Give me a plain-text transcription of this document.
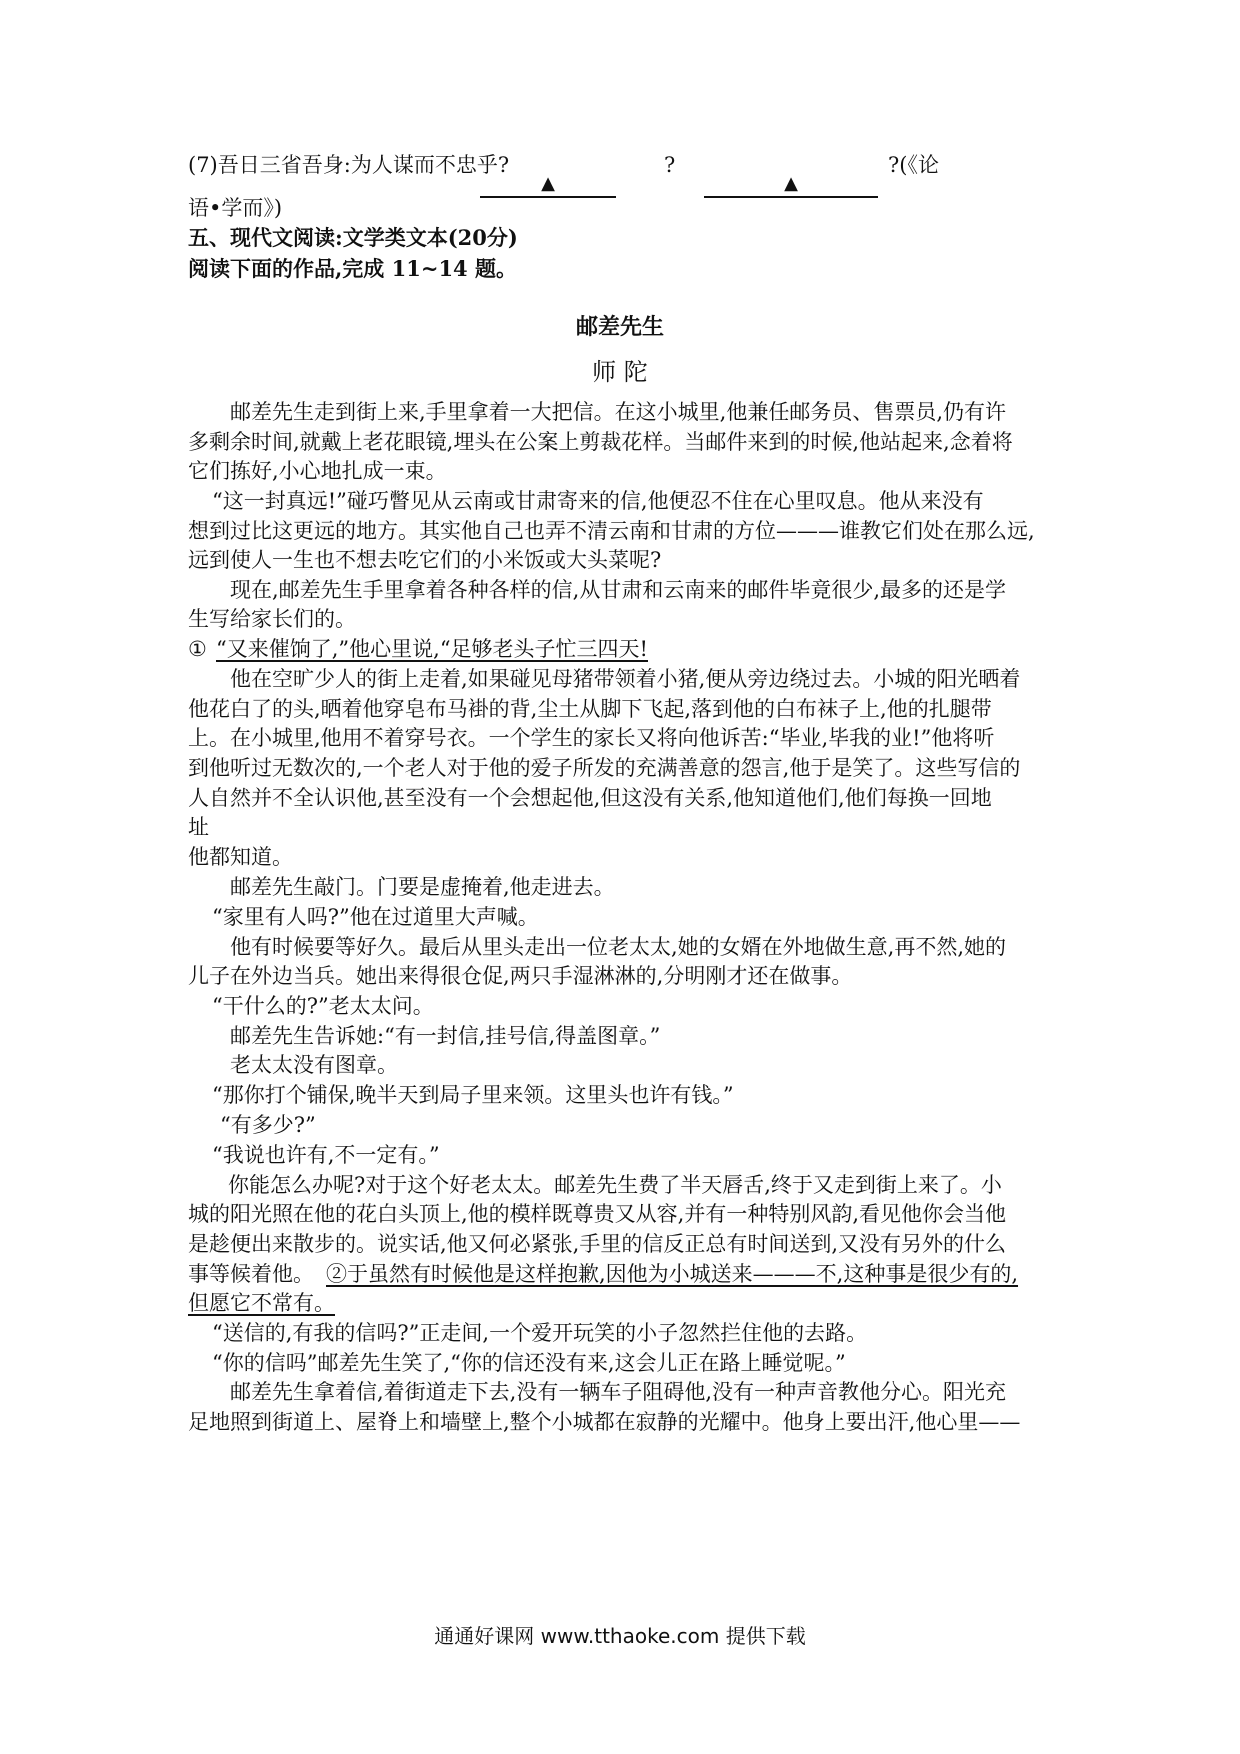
(7)吾日三省吾身:为人谋而不忠乎?
▲
?
▲
?(《论
语•学而》)
五、现代文阅读:文学类文本(20分)
阅读下面的作品,完成 11~14 题。
邮差先生
师 陀
邮差先生走到街上来,手里拿着一大把信。在这小城里,他兼任邮务员、售票员,仍有许
多剩余时间,就戴上老花眼镜,埋头在公案上剪裁花样。当邮件来到的时候,他站起来,念着将
它们拣好,小心地扎成一束。
“这一封真远!”碰巧瞥见从云南或甘肃寄来的信,他便忍不住在心里叹息。他从来没有
想到过比这更远的地方。其实他自己也弄不清云南和甘肃的方位———谁教它们处在那么远,
远到使人一生也不想去吃它们的小米饭或大头菜呢?
现在,邮差先生手里拿着各种各样的信,从甘肃和云南来的邮件毕竟很少,最多的还是学
生写给家长们的。
① “又来催饷了,”他心里说,“足够老头子忙三四天!
他在空旷少人的街上走着,如果碰见母猪带领着小猪,便从旁边绕过去。小城的阳光晒着
他花白了的头,晒着他穿皂布马褂的背,尘土从脚下飞起,落到他的白布袜子上,他的扎腿带
上。在小城里,他用不着穿号衣。一个学生的家长又将向他诉苦:“毕业,毕我的业!”他将听
到他听过无数次的,一个老人对于他的爱子所发的充满善意的怨言,他于是笑了。这些写信的
人自然并不全认识他,甚至没有一个会想起他,但这没有关系,他知道他们,他们每换一回地
址
他都知道。
邮差先生敲门。门要是虚掩着,他走进去。
“家里有人吗?”他在过道里大声喊。
他有时候要等好久。最后从里头走出一位老太太,她的女婿在外地做生意,再不然,她的
儿子在外边当兵。她出来得很仓促,两只手湿淋淋的,分明刚才还在做事。
“干什么的?”老太太问。
邮差先生告诉她:“有一封信,挂号信,得盖图章。”
老太太没有图章。
“那你打个铺保,晚半天到局子里来领。这里头也许有钱。”
“有多少?”
“我说也许有,不一定有。”
你能怎么办呢?对于这个好老太太。邮差先生费了半天唇舌,终于又走到街上来了。小
城的阳光照在他的花白头顶上,他的模样既尊贵又从容,并有一种特别风韵,看见他你会当他
是趁便出来散步的。说实话,他又何必紧张,手里的信反正总有时间送到,又没有另外的什么
事等候着他。 ②于虽然有时候他是这样抱歉,因他为小城送来———不,这种事是很少有的,
但愿它不常有。
“送信的,有我的信吗?”正走间,一个爱开玩笑的小子忽然拦住他的去路。
“你的信吗”邮差先生笑了,“你的信还没有来,这会儿正在路上睡觉呢。”
邮差先生拿着信,着街道走下去,没有一辆车子阻碍他,没有一种声音教他分心。阳光充
足地照到街道上、屋脊上和墙壁上,整个小城都在寂静的光耀中。他身上要出汗,他心里——
通通好课网 www.tthaoke.com 提供下载
